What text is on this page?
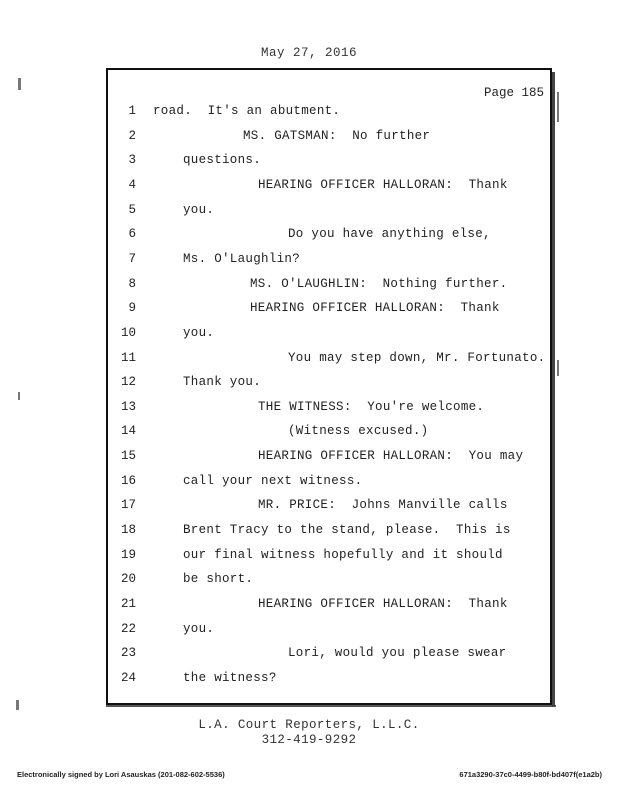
May 27, 2016
Page 185
1 road.  It's an abutment.
2	MS. GATSMAN:  No further
3	questions.
4	HEARING OFFICER HALLORAN:  Thank
5	you.
6	Do you have anything else,
7	Ms. O'Laughlin?
8	MS. O'LAUGHLIN:  Nothing further.
9	HEARING OFFICER HALLORAN:  Thank
10	you.
11	You may step down, Mr. Fortunato.
12	Thank you.
13	THE WITNESS:  You're welcome.
14	(Witness excused.)
15	HEARING OFFICER HALLORAN:  You may
16	call your next witness.
17	MR. PRICE:  Johns Manville calls
18	Brent Tracy to the stand, please.  This is
19	our final witness hopefully and it should
20	be short.
21	HEARING OFFICER HALLORAN:  Thank
22	you.
23	Lori, would you please swear
24	the witness?
L.A. Court Reporters, L.L.C.
312-419-9292
Electronically signed by Lori Asauskas (201-082-602-5536)	671a3290-37c0-4499-b80f-bd407f(e1a2b)
